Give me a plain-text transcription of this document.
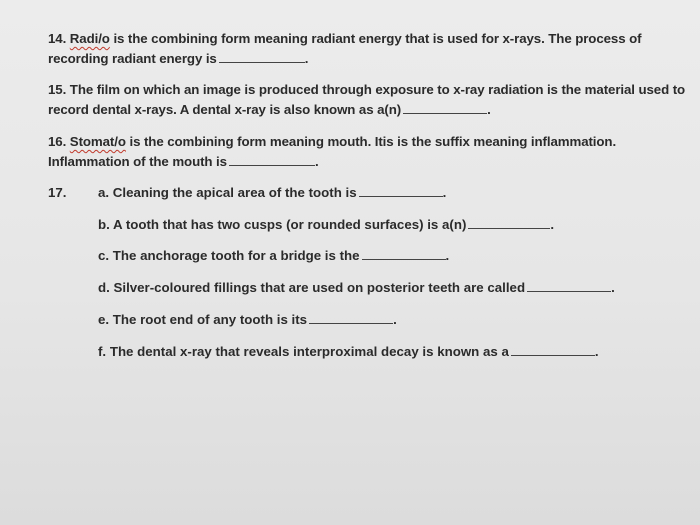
14. Radi/o is the combining form meaning radiant energy that is used for x-rays. The process of
recording radiant energy is	.
15. The film on which an image is produced through exposure to x-ray radiation is the material used to
record dental x-rays. A dental x-ray is also known as a(n)	.
16. Stomat/o is the combining form meaning mouth. Itis is the suffix meaning inflammation.
Inflammation of the mouth is	.
17. a. Cleaning the apical area of the tooth is	.
b. A tooth that has two cusps (or rounded surfaces) is a(n)	.
c. The anchorage tooth for a bridge is the	.
d. Silver-coloured fillings that are used on posterior teeth are called	.
e. The root end of any tooth is its	.
f. The dental x-ray that reveals interproximal decay is known as a	.
